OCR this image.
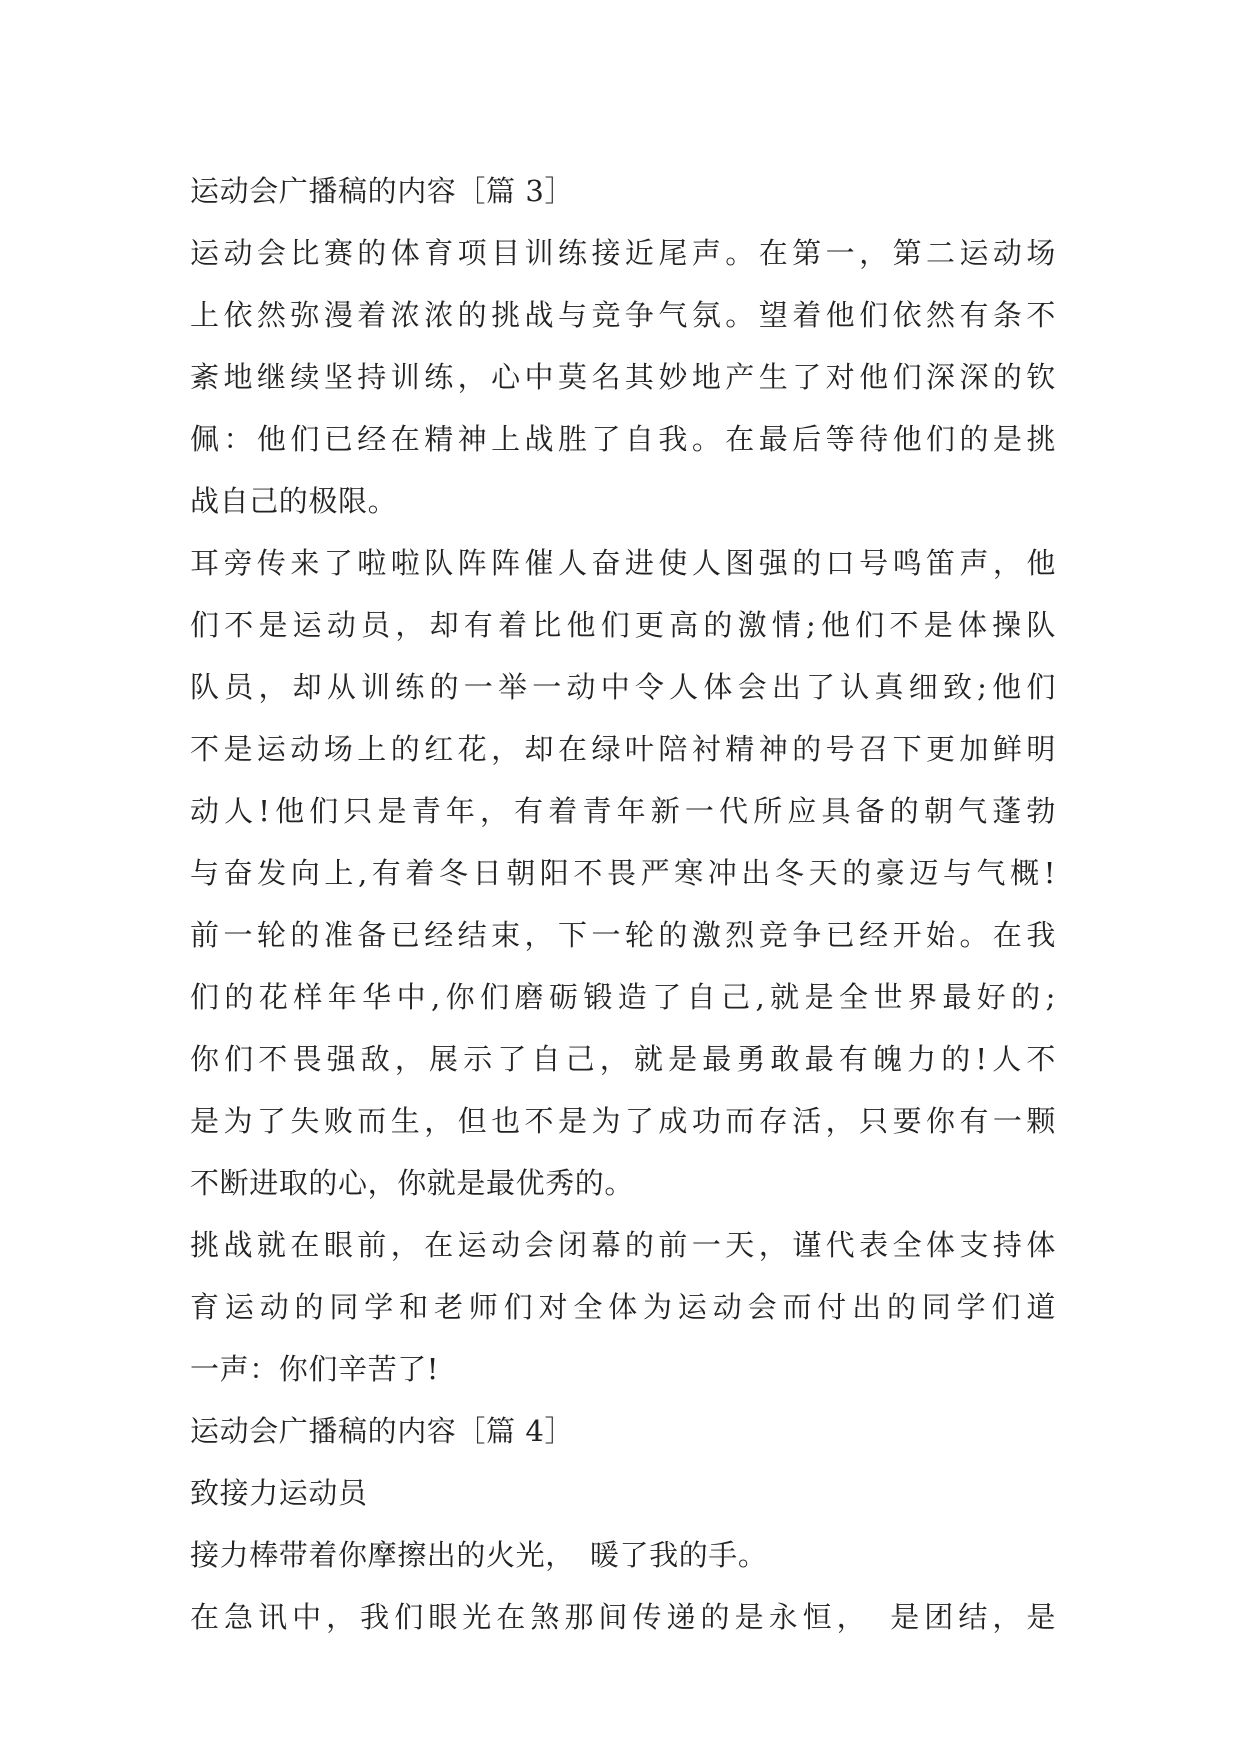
运动会广播稿的内容［篇 3］
运动会比赛的体育项目训练接近尾声。在第一，第二运动场
上依然弥漫着浓浓的挑战与竞争气氛。望着他们依然有条不
紊地继续坚持训练，心中莫名其妙地产生了对他们深深的钦
佩：他们已经在精神上战胜了自我。在最后等待他们的是挑
战自己的极限。
耳旁传来了啦啦队阵阵催人奋进使人图强的口号鸣笛声，他
们不是运动员，却有着比他们更高的激情;他们不是体操队
队员，却从训练的一举一动中令人体会出了认真细致;他们
不是运动场上的红花，却在绿叶陪衬精神的号召下更加鲜明
动人!他们只是青年，有着青年新一代所应具备的朝气蓬勃
与奋发向上,有着冬日朝阳不畏严寒冲出冬天的豪迈与气概!
前一轮的准备已经结束，下一轮的激烈竞争已经开始。在我
们的花样年华中,你们磨砺锻造了自己,就是全世界最好的;
你们不畏强敌，展示了自己，就是最勇敢最有魄力的!人不
是为了失败而生，但也不是为了成功而存活，只要你有一颗
不断进取的心，你就是最优秀的。
挑战就在眼前，在运动会闭幕的前一天，谨代表全体支持体
育运动的同学和老师们对全体为运动会而付出的同学们道
一声：你们辛苦了!
运动会广播稿的内容［篇 4］
致接力运动员
接力棒带着你摩擦出的火光，　暖了我的手。
在急讯中，我们眼光在煞那间传递的是永恒，　是团结，是
